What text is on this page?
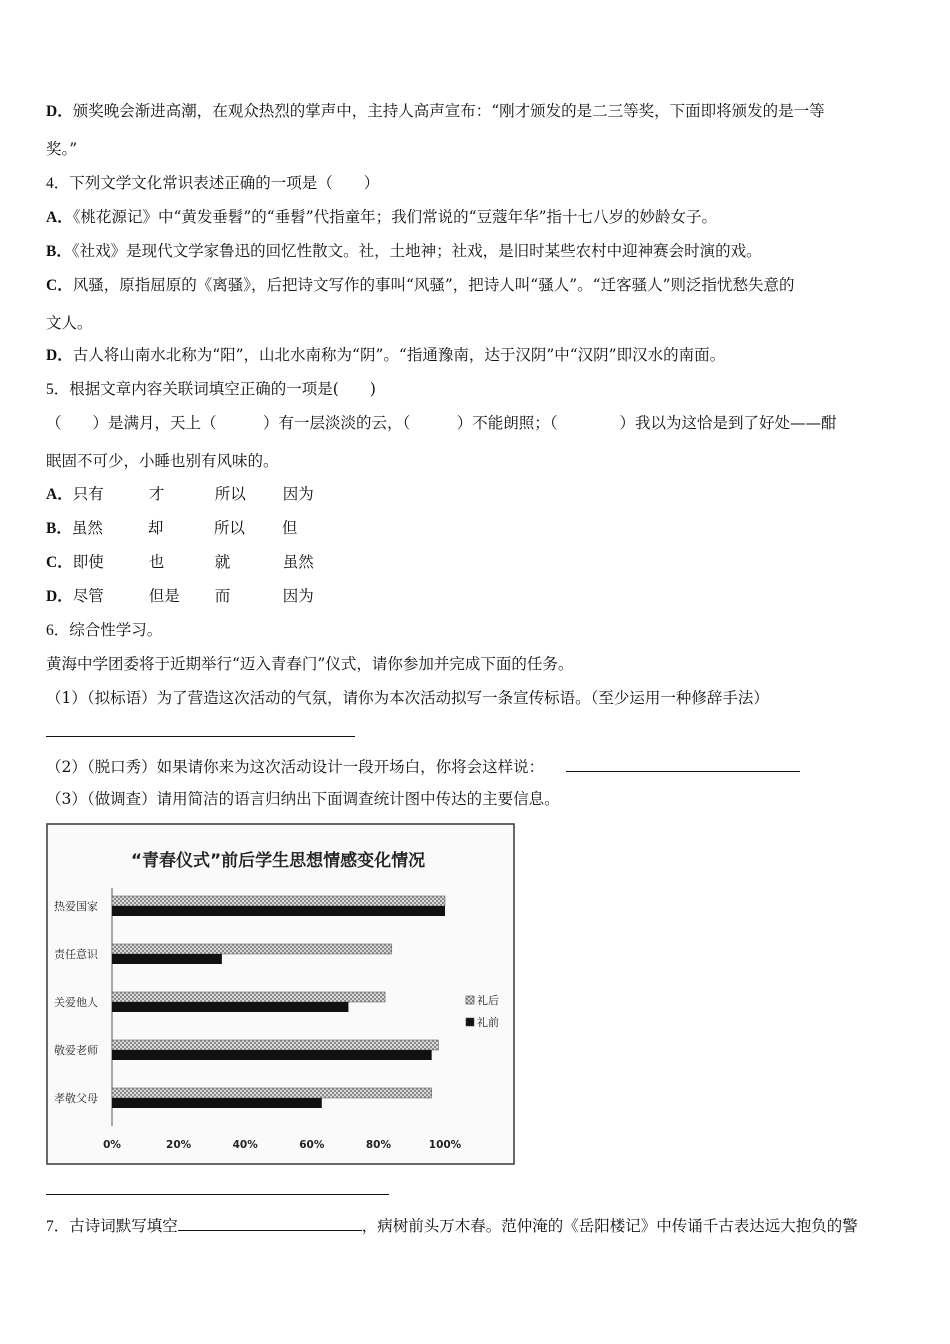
D．颁奖晚会渐进高潮，在观众热烈的掌声中，主持人高声宣布：“刚才颁发的是二三等奖，下面即将颁发的是一等
奖。”
4．下列文学文化常识表述正确的一项是（　　）
A．《桃花源记》中“黄发垂髫”的“垂髫”代指童年；我们常说的“豆蔻年华”指十七八岁的妙龄女子。
B．《社戏》是现代文学家鲁迅的回忆性散文。社，土地神；社戏，是旧时某些农村中迎神赛会时演的戏。
C．风骚，原指屈原的《离骚》，后把诗文写作的事叫“风骚”，把诗人叫“骚人”。“迁客骚人”则泛指忧愁失意的
文人。
D．古人将山南水北称为“阳”，山北水南称为“阴”。“指通豫南，达于汉阴”中“汉阴”即汉水的南面。
5．根据文章内容关联词填空正确的一项是(　　)
（　　）是满月，天上（　　　）有一层淡淡的云，（　　　）不能朗照；（　　　　）我以为这恰是到了好处——酣
眠固不可少，小睡也别有风味的。
A．只有	才	所以 因为
B．虽然	却	所以 但
C．即使	也	就	虽然
D．尽管	但是 而	因为
6．综合性学习。
黄海中学团委将于近期举行“迈入青春门”仪式，请你参加并完成下面的任务。
（1）（拟标语）为了营造这次活动的气氛，请你为本次活动拟写一条宣传标语。（至少运用一种修辞手法）
（2）（脱口秀）如果请你来为这次活动设计一段开场白，你将会这样说：
（3）（做调查）请用简洁的语言归纳出下面调查统计图中传达的主要信息。
“青春仪式”前后学生思想情感变化情况
热爱国家
责任意识
关爱他人
敬爱老师
孝敬父母
0%	20%	40%	60%	80%	100%
礼后
礼前
7．古诗词默写填空	，病树前头万木春。范仲淹的《岳阳楼记》中传诵千古表达远大抱负的警
